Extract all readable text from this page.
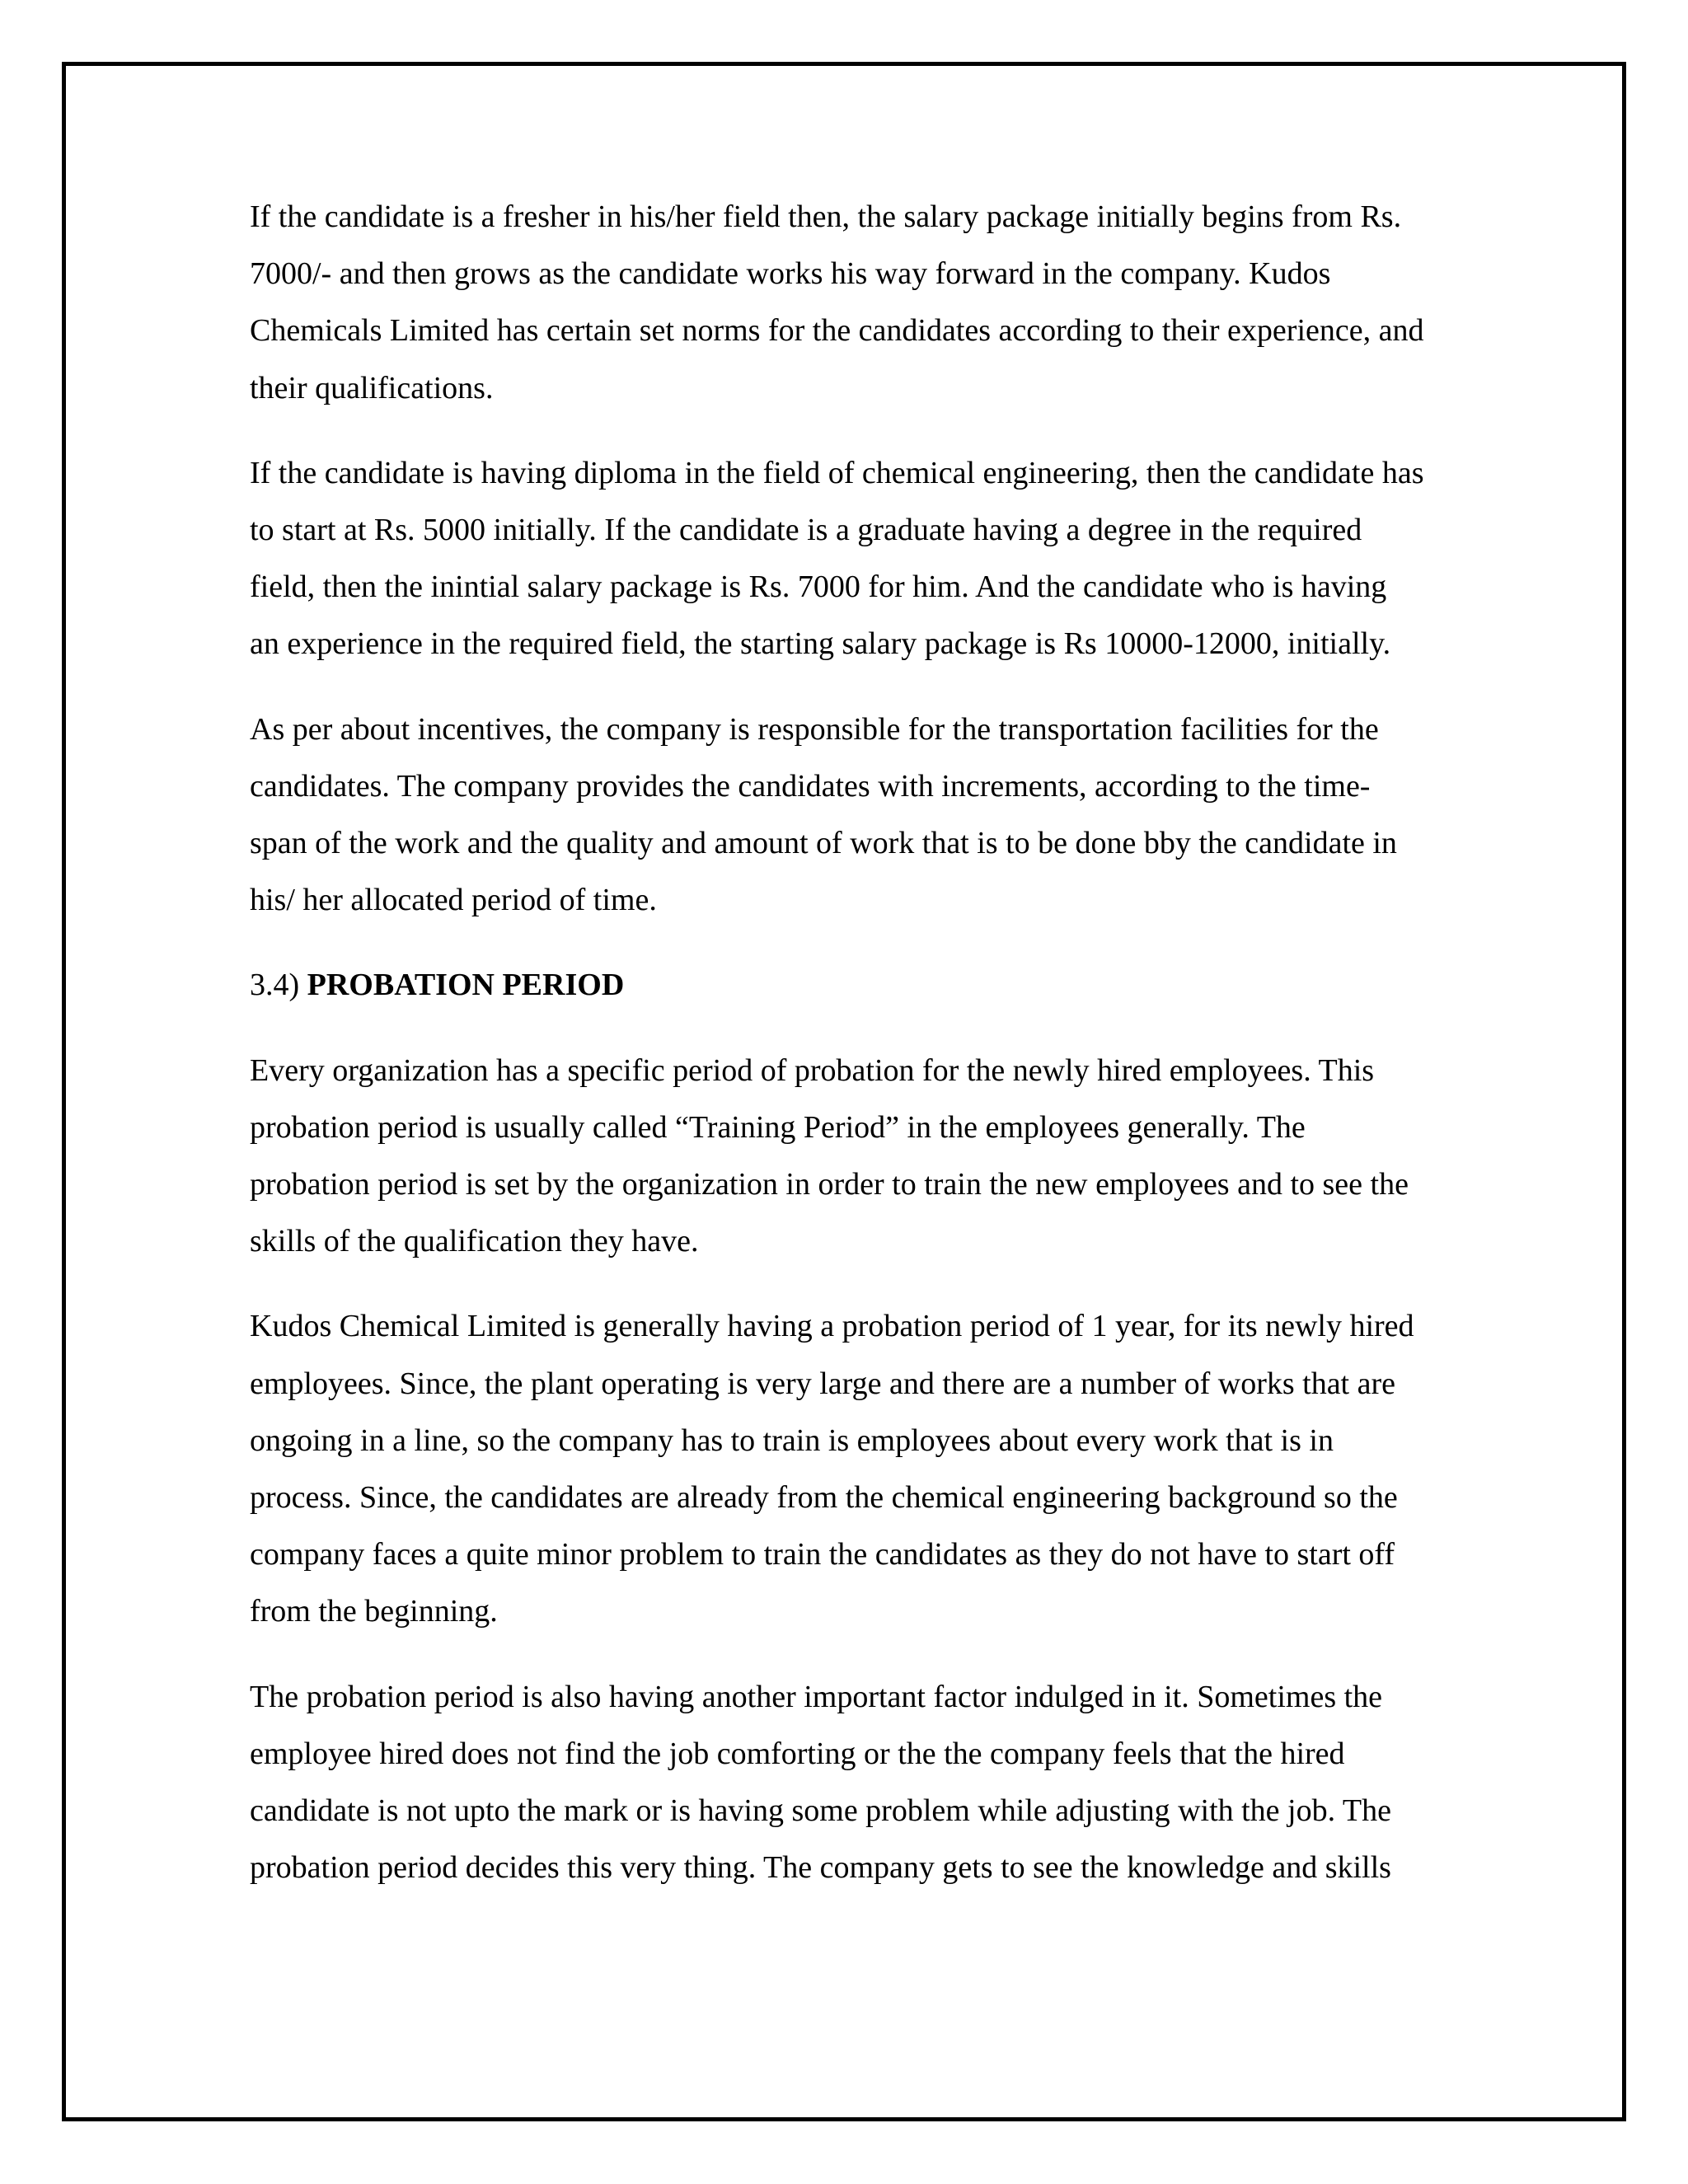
If the candidate is a fresher in his/her field then, the salary package initially begins from Rs.
7000/- and then grows as the candidate works his way forward in the company. Kudos
Chemicals Limited has certain set norms for the candidates according to their experience, and
their qualifications.

If the candidate is having diploma in the field of chemical engineering, then the candidate has
to start at Rs. 5000 initially. If the candidate is a graduate having a degree in the required
field, then the inintial salary package is Rs. 7000 for him. And the candidate who is having
an experience in the required field, the starting salary package is Rs 10000-12000, initially.

As per about incentives, the company is responsible for the transportation facilities for the
candidates. The company provides the candidates with increments, according to the time-
span of the work and the quality and amount of work that is to be done bby the candidate in
his/ her allocated period of time.

3.4) PROBATION PERIOD

Every organization has a specific period of probation for the newly hired employees. This
probation period is usually called “Training Period” in the employees generally. The
probation period is set by the organization in order to train the new employees and to see the
skills of the qualification they have.

Kudos Chemical Limited is generally having a probation period of 1 year, for its newly hired
employees. Since, the plant operating is very large and there are a number of works that are
ongoing in a line, so the company has to train is employees about every work that is in
process. Since, the candidates are already from the chemical engineering background so the
company faces a quite minor problem to train the candidates as they do not have to start off
from the beginning.

The probation period is also having another important factor indulged in it. Sometimes the
employee hired does not find the job comforting or the the company feels that the hired
candidate is not upto the mark or is having some problem while adjusting with the job. The
probation period decides this very thing. The company gets to see the knowledge and skills
